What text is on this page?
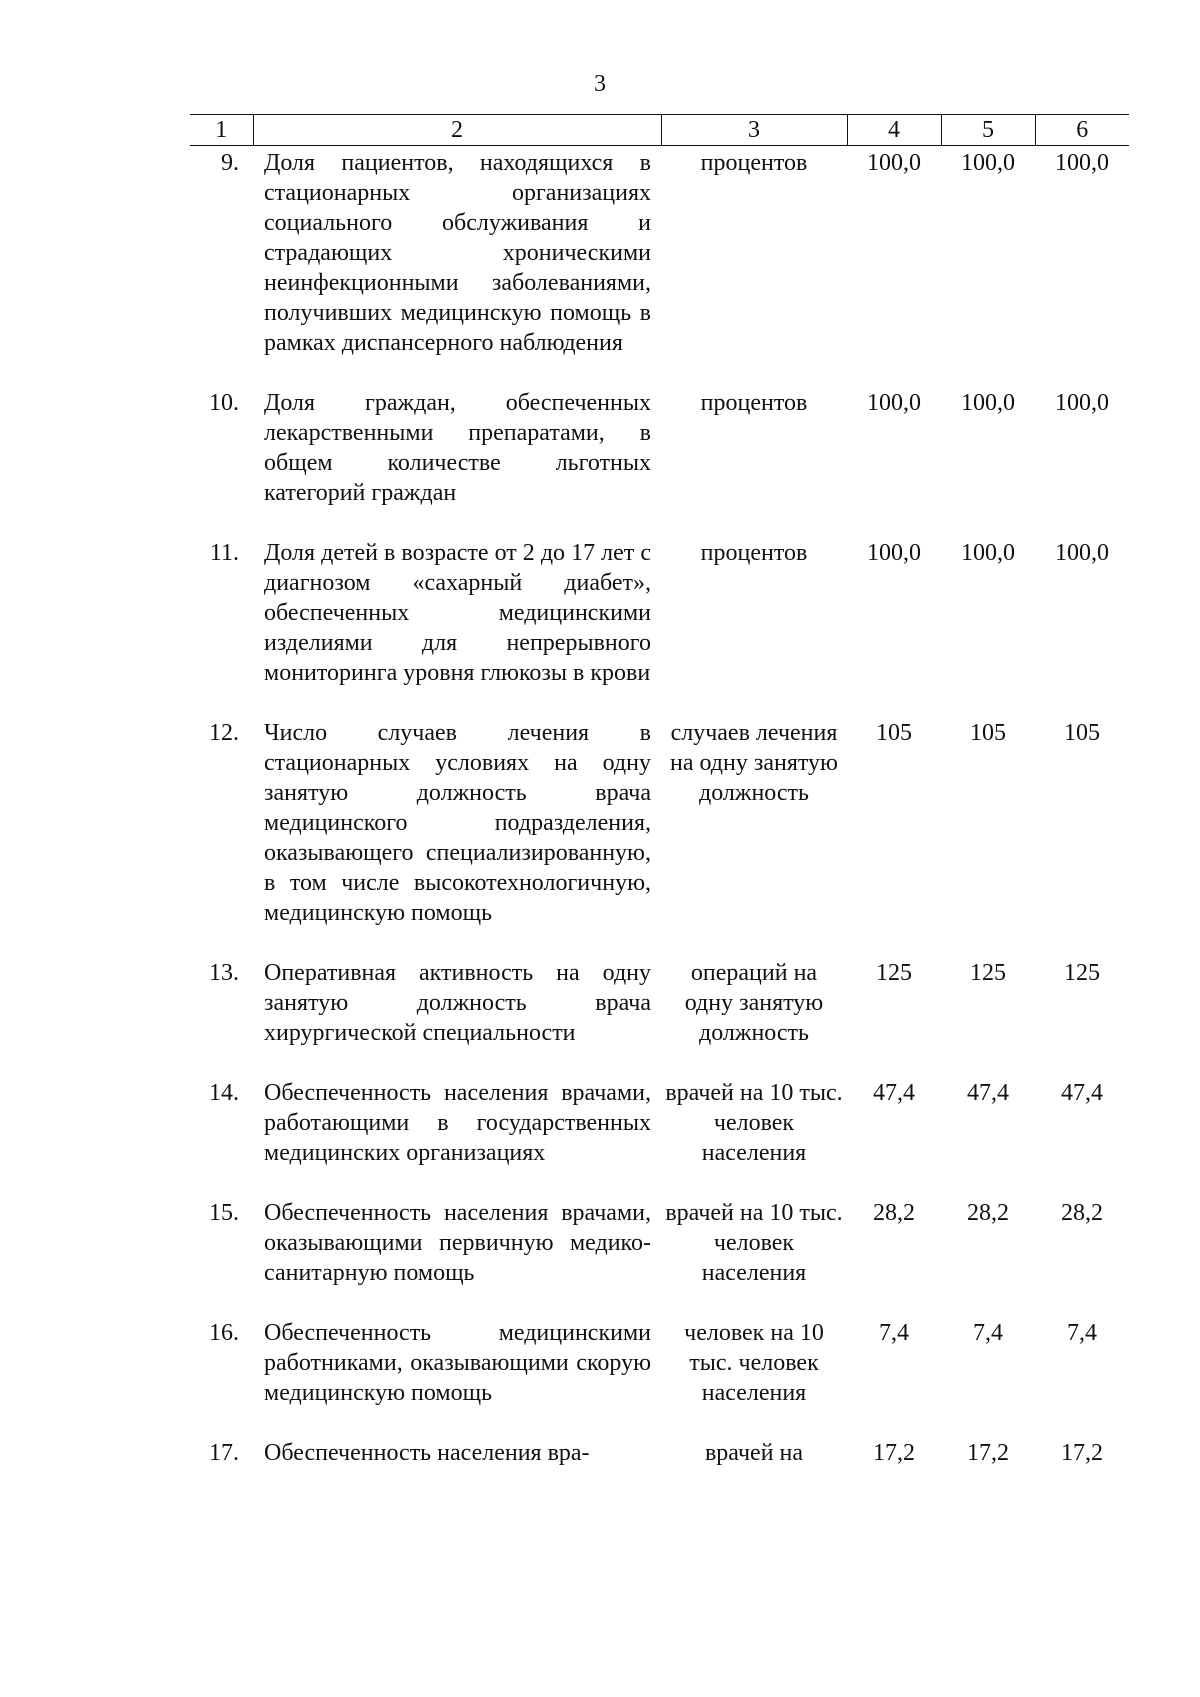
3
1	2	3	4	5	6
9.	Доля пациентов, находящихся в стационарных организациях социального обслуживания и страдающих хроническими неинфекционными заболеваниями, получивших медицинскую помощь в рамках диспансерного наблюдения	процентов	100,0	100,0	100,0
10.	Доля граждан, обеспеченных лекарственными препаратами, в общем количестве льготных категорий граждан	процентов	100,0	100,0	100,0
11.	Доля детей в возрасте от 2 до 17 лет с диагнозом «сахарный диабет», обеспеченных медицинскими изделиями для непрерывного мониторинга уровня глюкозы в крови	процентов	100,0	100,0	100,0
12.	Число случаев лечения в стационарных условиях на одну занятую должность врача медицинского подразделения, оказывающего специализированную, в том числе высокотехнологичную, медицинскую помощь	случаев лечения на одну занятую должность	105	105	105
13.	Оперативная активность на одну занятую должность врача хирургической специальности	операций на одну занятую должность	125	125	125
14.	Обеспеченность населения врачами, работающими в государственных медицинских организациях	врачей на 10 тыс. человек населения	47,4	47,4	47,4
15.	Обеспеченность населения врачами, оказывающими первичную медико-санитарную помощь	врачей на 10 тыс. человек населения	28,2	28,2	28,2
16.	Обеспеченность медицинскими работниками, оказывающими скорую медицинскую помощь	человек на 10 тыс. человек населения	7,4	7,4	7,4
17.	Обеспеченность населения вра-	врачей на	17,2	17,2	17,2
